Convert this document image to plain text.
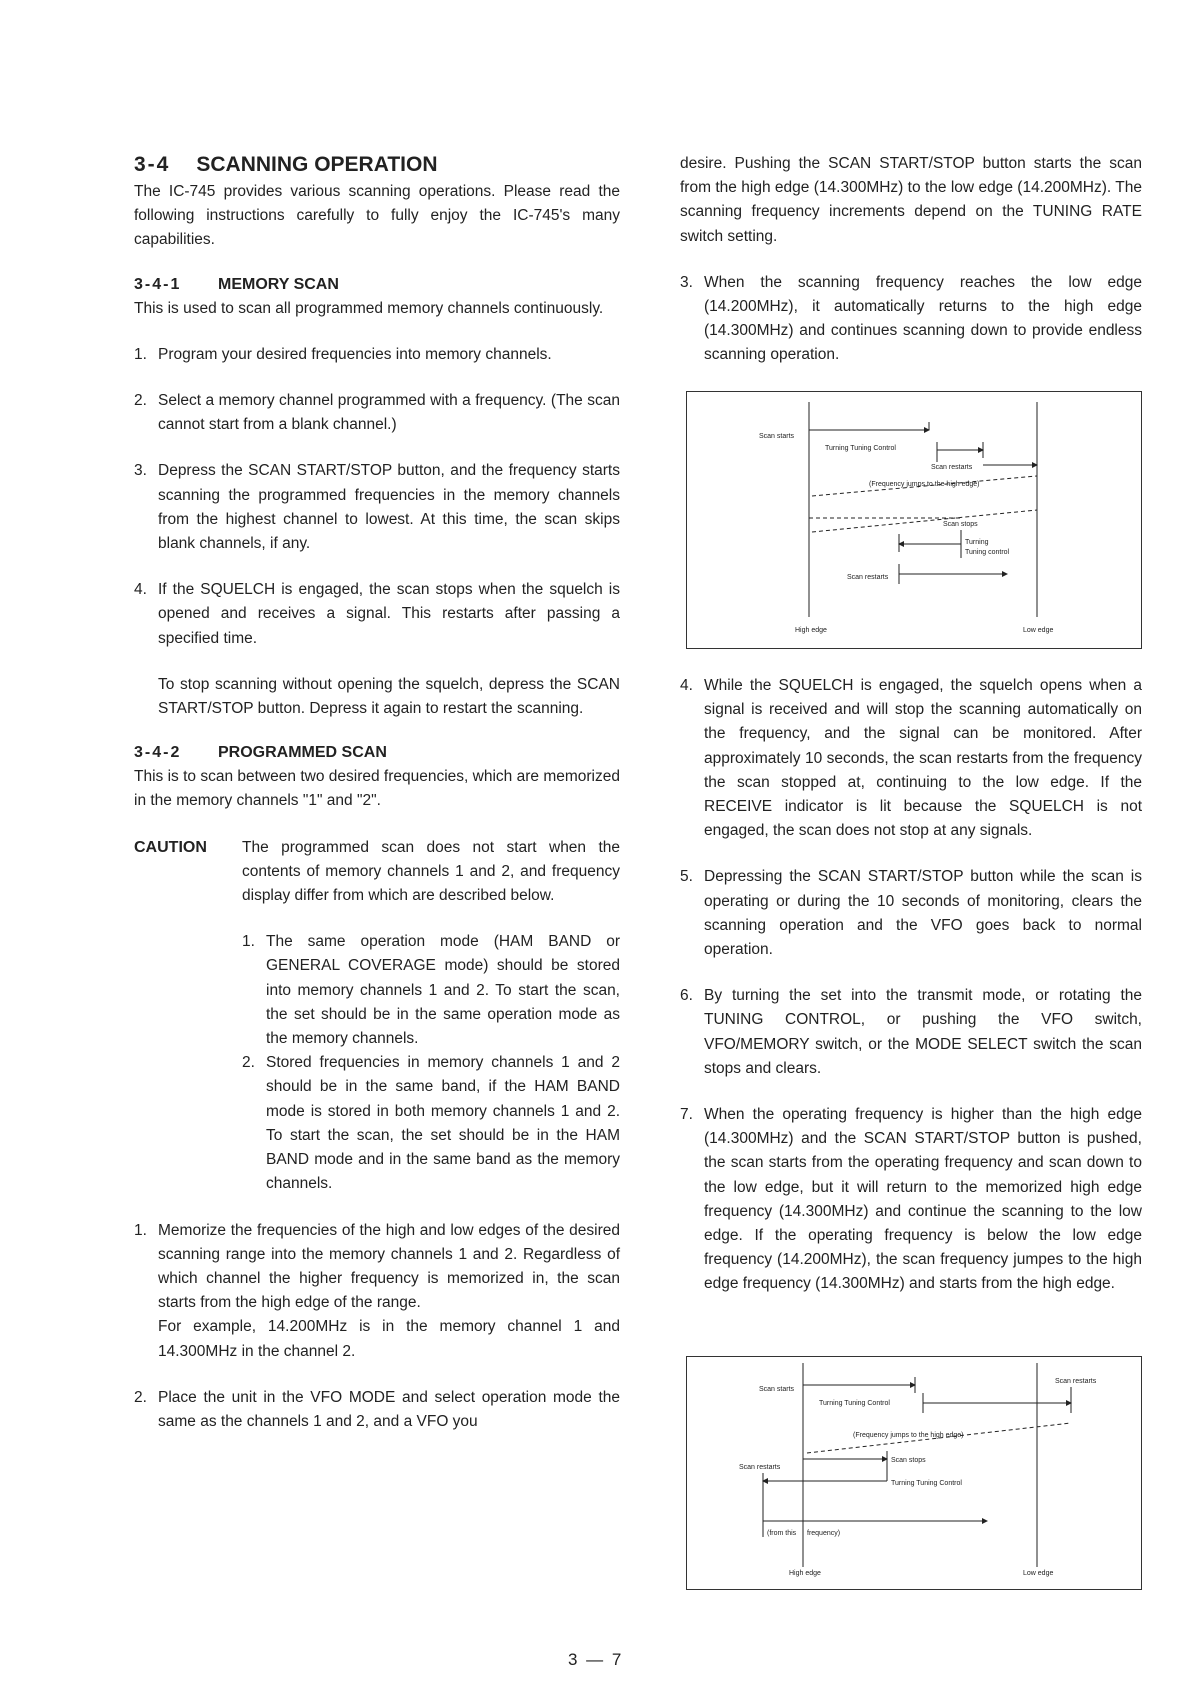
3-4 SCANNING OPERATION

The IC-745 provides various scanning operations. Please read the following instructions carefully to fully enjoy the IC-745's many capabilities.

3-4-1 MEMORY SCAN

This is used to scan all programmed memory channels continuously.

1. Program your desired frequencies into memory channels.
2. Select a memory channel programmed with a frequency. (The scan cannot start from a blank channel.)
3. Depress the SCAN START/STOP button, and the frequency starts scanning the programmed frequencies in the memory channels from the highest channel to lowest. At this time, the scan skips blank channels, if any.
4. If the SQUELCH is engaged, the scan stops when the squelch is opened and receives a signal. This restarts after passing a specified time.

To stop scanning without opening the squelch, depress the SCAN START/STOP button. Depress it again to restart the scanning.

3-4-2 PROGRAMMED SCAN

This is to scan between two desired frequencies, which are memorized in the memory channels "1" and "2".

CAUTION The programmed scan does not start when the contents of memory channels 1 and 2, and frequency display differ from which are described below.

1. The same operation mode (HAM BAND or GENERAL COVERAGE mode) should be stored into memory channels 1 and 2. To start the scan, the set should be in the same operation mode as the memory channels.
2. Stored frequencies in memory channels 1 and 2 should be in the same band, if the HAM BAND mode is stored in both memory channels 1 and 2. To start the scan, the set should be in the HAM BAND mode and in the same band as the memory channels.
1. Memorize the frequencies of the high and low edges of the desired scanning range into the memory channels 1 and 2. Regardless of which channel the higher frequency is memorized in, the scan starts from the high edge of the range.
For example, 14.200MHz is in the memory channel 1 and 14.300MHz in the channel 2.
2. Place the unit in the VFO MODE and select operation mode the same as the channels 1 and 2, and a VFO you

desire. Pushing the SCAN START/STOP button starts the scan from the high edge (14.300MHz) to the low edge (14.200MHz). The scanning frequency increments depend on the TUNING RATE switch setting.

3. When the scanning frequency reaches the low edge (14.200MHz), it automatically returns to the high edge (14.300MHz) and continues scanning down to provide endless scanning operation.
4. While the SQUELCH is engaged, the squelch opens when a signal is received and will stop the scanning automatically on the frequency, and the signal can be monitored. After approximately 10 seconds, the scan restarts from the frequency the scan stopped at, continuing to the low edge. If the RECEIVE indicator is lit because the SQUELCH is not engaged, the scan does not stop at any signals.
5. Depressing the SCAN START/STOP button while the scan is operating or during the 10 seconds of monitoring, clears the scanning operation and the VFO goes back to normal operation.
6. By turning the set into the transmit mode, or rotating the TUNING CONTROL, or pushing the VFO switch, VFO/MEMORY switch, or the MODE SELECT switch the scan stops and clears.
7. When the operating frequency is higher than the high edge (14.300MHz) and the SCAN START/STOP button is pushed, the scan starts from the operating frequency and scan down to the low edge, but it will return to the memorized high edge frequency (14.300MHz) and continue the scanning to the low edge. If the operating frequency is below the low edge frequency (14.200MHz), the scan frequency jumpes to the high edge frequency (14.300MHz) and starts from the high edge.
Scan starts
Turning Tuning Control
Scan restarts
(Frequency jumps to the high edge)
Scan stops
Turning
Tuning control
Scan restarts
High edge	Low edge
Scan starts
Scan restarts
Turning Tuning Control
(Frequency jumps to the high edge)
Scan restarts
Scan stops
Turning Tuning Control
(from this frequency)
High edge	Low edge
3 — 7
